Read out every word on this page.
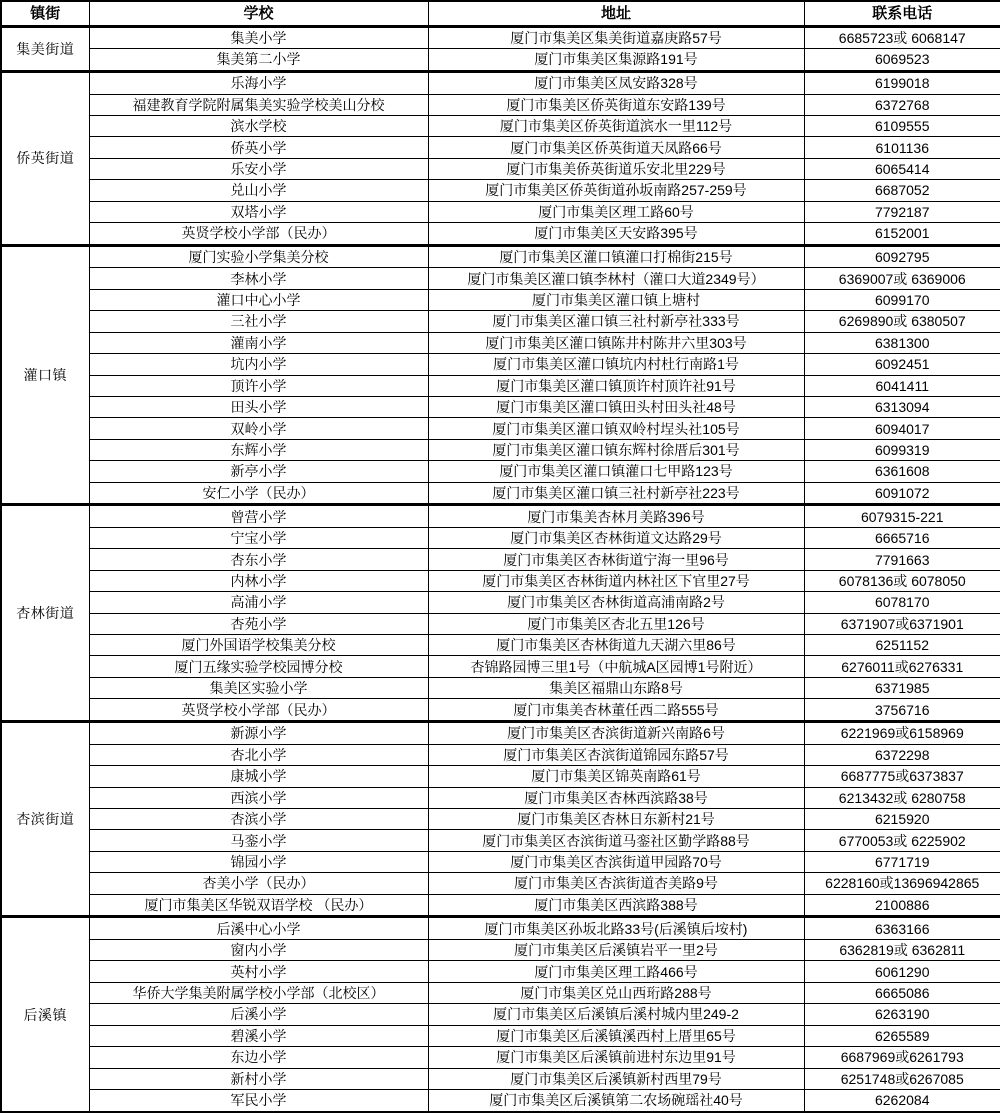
镇街	学校	地址	联系电话
集美街道	集美小学	厦门市集美区集美街道嘉庚路57号	6685723或 6068147
	集美第二小学	厦门市集美区集源路191号	6069523
侨英街道	乐海小学	厦门市集美区凤安路328号	6199018
	福建教育学院附属集美实验学校美山分校	厦门市集美区侨英街道东安路139号	6372768
	滨水学校	厦门市集美区侨英街道滨水一里112号	6109555
	侨英小学	厦门市集美区侨英街道天凤路66号	6101136
	乐安小学	厦门市集美侨英街道乐安北里229号	6065414
	兑山小学	厦门市集美区侨英街道孙坂南路257-259号	6687052
	双塔小学	厦门市集美区理工路60号	7792187
	英贤学校小学部（民办）	厦门市集美区天安路395号	6152001
灌口镇	厦门实验小学集美分校	厦门市集美区灌口镇灌口打棉街215号	6092795
	李林小学	厦门市集美区灌口镇李林村（灌口大道2349号）	6369007或 6369006
	灌口中心小学	厦门市集美区灌口镇上塘村	6099170
	三社小学	厦门市集美区灌口镇三社村新亭社333号	6269890或 6380507
	灌南小学	厦门市集美区灌口镇陈井村陈井六里303号	6381300
	坑内小学	厦门市集美区灌口镇坑内村杜行南路1号	6092451
	顶许小学	厦门市集美区灌口镇顶许村顶许社91号	6041411
	田头小学	厦门市集美区灌口镇田头村田头社48号	6313094
	双岭小学	厦门市集美区灌口镇双岭村埕头社105号	6094017
	东辉小学	厦门市集美区灌口镇东辉村徐厝后301号	6099319
	新亭小学	厦门市集美区灌口镇灌口七甲路123号	6361608
	安仁小学（民办）	厦门市集美区灌口镇三社村新亭社223号	6091072
杏林街道	曾营小学	厦门市集美杏林月美路396号	6079315-221
	宁宝小学	厦门市集美区杏林街道文达路29号	6665716
	杏东小学	厦门市集美区杏林街道宁海一里96号	7791663
	内林小学	厦门市集美区杏林街道内林社区下官里27号	6078136或 6078050
	高浦小学	厦门市集美区杏林街道高浦南路2号	6078170
	杏苑小学	厦门市集美区杏北五里126号	6371907或6371901
	厦门外国语学校集美分校	厦门市集美区杏林街道九天湖六里86号	6251152
	厦门五缘实验学校园博分校	杏锦路园博三里1号（中航城A区园博1号附近）	6276011或6276331
	集美区实验小学	集美区福鼎山东路8号	6371985
	英贤学校小学部（民办）	厦门市集美杏林董任西二路555号	3756716
杏滨街道	新源小学	厦门市集美区杏滨街道新兴南路6号	6221969或6158969
	杏北小学	厦门市集美区杏滨街道锦园东路57号	6372298
	康城小学	厦门市集美区锦英南路61号	6687775或6373837
	西滨小学	厦门市集美区杏林西滨路38号	6213432或 6280758
	杏滨小学	厦门市集美区杏林日东新村21号	6215920
	马銮小学	厦门市集美区杏滨街道马銮社区勤学路88号	6770053或 6225902
	锦园小学	厦门市集美区杏滨街道甲园路70号	6771719
	杏美小学（民办）	厦门市集美区杏滨街道杏美路9号	6228160或13696942865
	厦门市集美区华锐双语学校 （民办）	厦门市集美区西滨路388号	2100886
后溪镇	后溪中心小学	厦门市集美区孙坂北路33号(后溪镇后垵村)	6363166
	窗内小学	厦门市集美区后溪镇岩平一里2号	6362819或 6362811
	英村小学	厦门市集美区理工路466号	6061290
	华侨大学集美附属学校小学部（北校区）	厦门市集美区兑山西珩路288号	6665086
	后溪小学	厦门市集美区后溪镇后溪村城内里249-2	6263190
	碧溪小学	厦门市集美区后溪镇溪西村上厝里65号	6265589
	东边小学	厦门市集美区后溪镇前进村东边里91号	6687969或6261793
	新村小学	厦门市集美区后溪镇新村西里79号	6251748或6267085
	军民小学	厦门市集美区后溪镇第二农场碗瑶社40号	6262084
